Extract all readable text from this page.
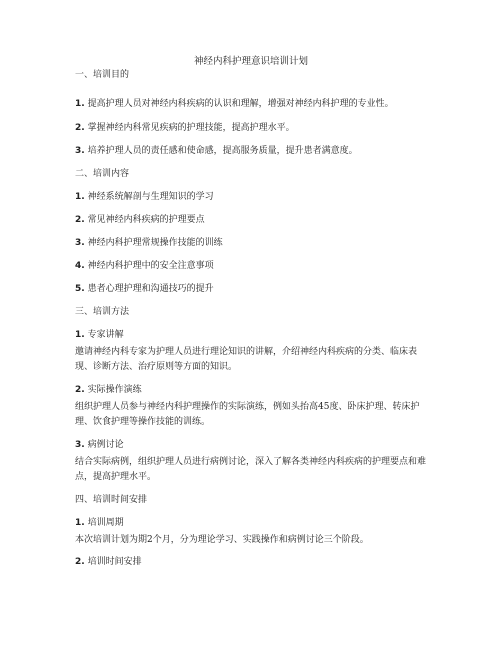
神经内科护理意识培训计划
一、培训目的
1. 提高护理人员对神经内科疾病的认识和理解，增强对神经内科护理的专业性。
2. 掌握神经内科常见疾病的护理技能，提高护理水平。
3. 培养护理人员的责任感和使命感，提高服务质量，提升患者满意度。
二、培训内容
1. 神经系统解剖与生理知识的学习
2. 常见神经内科疾病的护理要点
3. 神经内科护理常规操作技能的训练
4. 神经内科护理中的安全注意事项
5. 患者心理护理和沟通技巧的提升
三、培训方法
1. 专家讲解
邀请神经内科专家为护理人员进行理论知识的讲解，介绍神经内科疾病的分类、临床表现、诊断方法、治疗原则等方面的知识。
2. 实际操作演练
组织护理人员参与神经内科护理操作的实际演练，例如头抬高45度、卧床护理、转床护理、饮食护理等操作技能的训练。
3. 病例讨论
结合实际病例，组织护理人员进行病例讨论，深入了解各类神经内科疾病的护理要点和难点，提高护理水平。
四、培训时间安排
1. 培训周期
本次培训计划为期2个月，分为理论学习、实践操作和病例讨论三个阶段。
2. 培训时间安排
